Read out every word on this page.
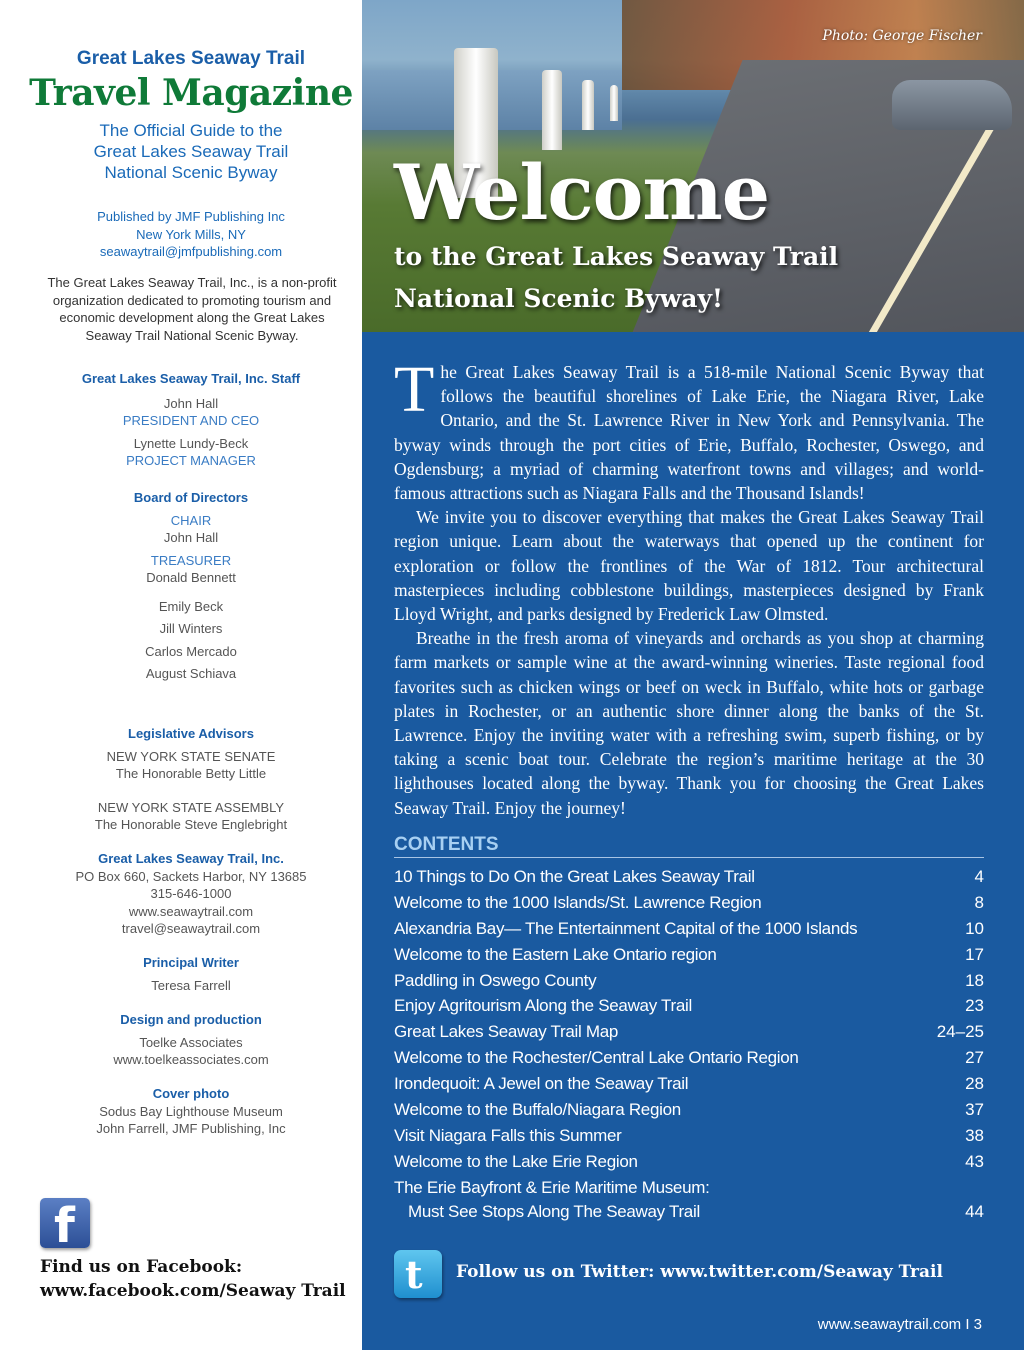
Great Lakes Seaway Trail
Travel Magazine
The Official Guide to the
Great Lakes Seaway Trail
National Scenic Byway
Published by JMF Publishing Inc
New York Mills, NY
seawaytrail@jmfpublishing.com
The Great Lakes Seaway Trail, Inc., is a non-profit
organization dedicated to promoting tourism and
economic development along the Great Lakes
Seaway Trail National Scenic Byway.
Great Lakes Seaway Trail, Inc. Staff
John Hall
PRESIDENT AND CEO
Lynette Lundy-Beck
PROJECT MANAGER
Board of Directors
CHAIR
John Hall
TREASURER
Donald Bennett
Emily Beck
Jill Winters
Carlos Mercado
August Schiava
Legislative Advisors
NEW YORK STATE SENATE
The Honorable Betty Little
NEW YORK STATE ASSEMBLY
The Honorable Steve Englebright
Great Lakes Seaway Trail, Inc.
PO Box 660, Sackets Harbor, NY 13685
315-646-1000
www.seawaytrail.com
travel@seawaytrail.com
Principal Writer
Teresa Farrell
Design and production
Toelke Associates
www.toelkeassociates.com
Cover photo
Sodus Bay Lighthouse Museum
John Farrell, JMF Publishing, Inc
f
Find us on Facebook:
www.facebook.com/Seaway Trail
Photo: George Fischer
Welcome
to the Great Lakes Seaway Trail
National Scenic Byway!

The Great Lakes Seaway Trail is a 518-mile National Scenic Byway that follows the beautiful shorelines of Lake Erie, the Niagara River, Lake Ontario, and the St. Lawrence River in New York and Pennsylvania. The byway winds through the port cities of Erie, Buffalo, Rochester, Oswego, and Ogdensburg; a myriad of charming waterfront towns and villages; and world-famous attractions such as Niagara Falls and the Thousand Islands!

We invite you to discover everything that makes the Great Lakes Seaway Trail region unique. Learn about the waterways that opened up the continent for exploration or follow the frontlines of the War of 1812. Tour architectural masterpieces including cobblestone buildings, masterpieces designed by Frank Lloyd Wright, and parks designed by Frederick Law Olmsted.

Breathe in the fresh aroma of vineyards and orchards as you shop at charming farm markets or sample wine at the award-winning wineries. Taste regional food favorites such as chicken wings or beef on weck in Buffalo, white hots or garbage plates in Rochester, or an authentic shore dinner along the banks of the St. Lawrence. Enjoy the inviting water with a refreshing swim, superb fishing, or by taking a scenic boat tour. Celebrate the region’s maritime heritage at the 30 lighthouses located along the byway. Thank you for choosing the Great Lakes Seaway Trail. Enjoy the journey!

CONTENTS
10 Things to Do On the Great Lakes Seaway Trail	4
Welcome to the 1000 Islands/St. Lawrence Region	8
Alexandria Bay— The Entertainment Capital of the 1000 Islands	10
Welcome to the Eastern Lake Ontario region	17
Paddling in Oswego County	18
Enjoy Agritourism Along the Seaway Trail	23
Great Lakes Seaway Trail Map	24–25
Welcome to the Rochester/Central Lake Ontario Region	27
Irondequoit: A Jewel on the Seaway Trail	28
Welcome to the Buffalo/Niagara Region	37
Visit Niagara Falls this Summer	38
Welcome to the Lake Erie Region	43
The Erie Bayfront & Erie Maritime Museum:
Must See Stops Along The Seaway Trail	44
t Follow us on Twitter: www.twitter.com/Seaway Trail
www.seawaytrail.com I 3
